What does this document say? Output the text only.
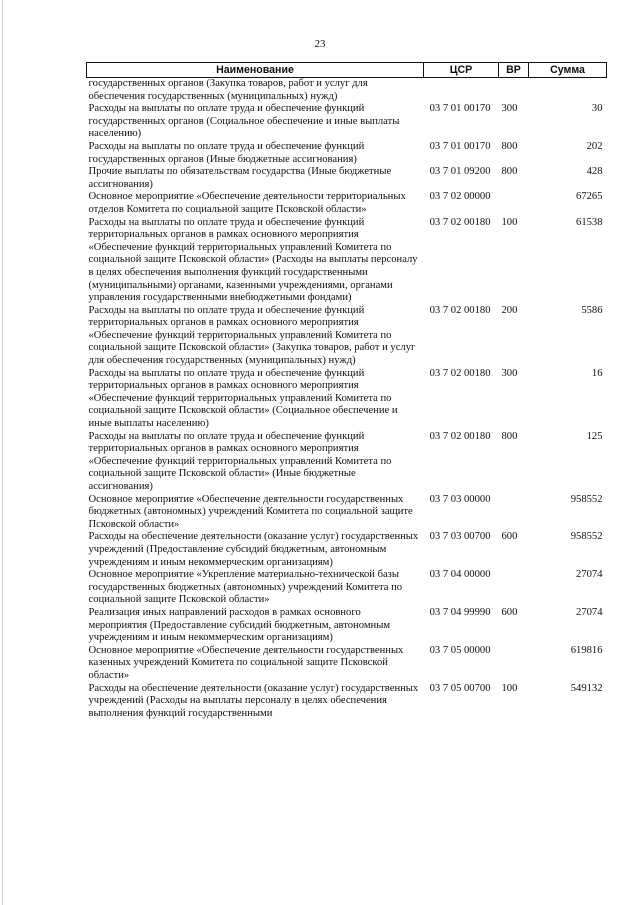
23
Наименование	ЦСР	ВР	Сумма
государственных органов (Закупка товаров, работ и услуг для обеспечения государственных (муниципальных) нужд)			
Расходы на выплаты по оплате труда и обеспечение функций государственных органов (Социальное обеспечение и иные выплаты населению)	03 7 01 00170	300	30
Расходы на выплаты по оплате труда и обеспечение функций государственных органов (Иные бюджетные ассигнования)	03 7 01 00170	800	202
Прочие выплаты по обязательствам государства (Иные бюджетные ассигнования)	03 7 01 09200	800	428
Основное мероприятие «Обеспечение деятельности территориальных отделов Комитета по социальной защите Псковской области»	03 7 02 00000		67265
Расходы на выплаты по оплате труда и обеспечение функций территориальных органов в рамках основного мероприятия «Обеспечение функций территориальных управлений Комитета по социальной защите Псковской области» (Расходы на выплаты персоналу в целях обеспечения выполнения функций государственными (муниципальными) органами, казенными учреждениями, органами управления государственными внебюджетными фондами)	03 7 02 00180	100	61538
Расходы на выплаты по оплате труда и обеспечение функций территориальных органов в рамках основного мероприятия «Обеспечение функций территориальных управлений Комитета по социальной защите Псковской области» (Закупка товаров, работ и услуг для обеспечения государственных (муниципальных) нужд)	03 7 02 00180	200	5586
Расходы на выплаты по оплате труда и обеспечение функций территориальных органов в рамках основного мероприятия «Обеспечение функций территориальных управлений Комитета по социальной защите Псковской области» (Социальное обеспечение и иные выплаты населению)	03 7 02 00180	300	16
Расходы на выплаты по оплате труда и обеспечение функций территориальных органов в рамках основного мероприятия «Обеспечение функций территориальных управлений Комитета по социальной защите Псковской области» (Иные бюджетные ассигнования)	03 7 02 00180	800	125
Основное мероприятие «Обеспечение деятельности государственных бюджетных (автономных) учреждений Комитета по социальной защите Псковской области»	03 7 03 00000		958552
Расходы на обеспечение деятельности (оказание услуг) государственных учреждений (Предоставление субсидий бюджетным, автономным учреждениям и иным некоммерческим организациям)	03 7 03 00700	600	958552
Основное мероприятие «Укрепление материально-технической базы государственных бюджетных (автономных) учреждений Комитета по социальной защите Псковской области»	03 7 04 00000		27074
Реализация иных направлений расходов в рамках основного мероприятия (Предоставление субсидий бюджетным, автономным учреждениям и иным некоммерческим организациям)	03 7 04 99990	600	27074
Основное мероприятие «Обеспечение деятельности государственных казенных учреждений Комитета по социальной защите Псковской области»	03 7 05 00000		619816
Расходы на обеспечение деятельности (оказание услуг) государственных учреждений (Расходы на выплаты персоналу в целях обеспечения выполнения функций государственными	03 7 05 00700	100	549132
